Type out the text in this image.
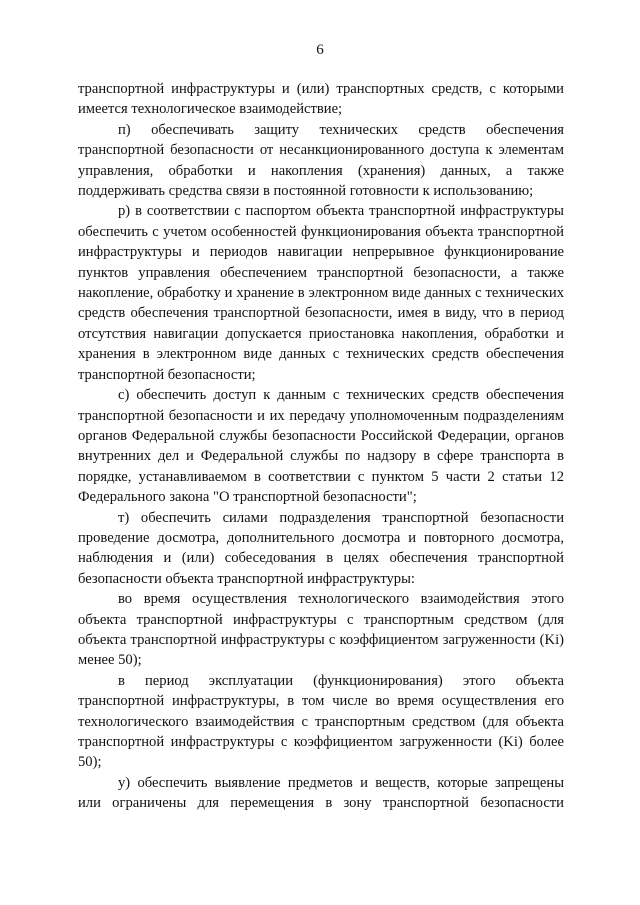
6

транспортной инфраструктуры и (или) транспортных средств, с которыми имеется технологическое взаимодействие;

п) обеспечивать защиту технических средств обеспечения транспортной безопасности от несанкционированного доступа к элементам управления, обработки и накопления (хранения) данных, а также поддерживать средства связи в постоянной готовности к использованию;

р) в соответствии с паспортом объекта транспортной инфраструктуры обеспечить с учетом особенностей функционирования объекта транспортной инфраструктуры и периодов навигации непрерывное функционирование пунктов управления обеспечением транспортной безопасности, а также накопление, обработку и хранение в электронном виде данных с технических средств обеспечения транспортной безопасности, имея в виду, что в период отсутствия навигации допускается приостановка накопления, обработки и хранения в электронном виде данных с технических средств обеспечения транспортной безопасности;

с) обеспечить доступ к данным с технических средств обеспечения транспортной безопасности и их передачу уполномоченным подразделениям органов Федеральной службы безопасности Российской Федерации, органов внутренних дел и Федеральной службы по надзору в сфере транспорта в порядке, устанавливаемом в соответствии с пунктом 5 части 2 статьи 12 Федерального закона "О транспортной безопасности";

т) обеспечить силами подразделения транспортной безопасности проведение досмотра, дополнительного досмотра и повторного досмотра, наблюдения и (или) собеседования в целях обеспечения транспортной безопасности объекта транспортной инфраструктуры:

во время осуществления технологического взаимодействия этого объекта транспортной инфраструктуры с транспортным средством (для объекта транспортной инфраструктуры с коэффициентом загруженности (Ki) менее 50);

в период эксплуатации (функционирования) этого объекта транспортной инфраструктуры, в том числе во время осуществления его технологического взаимодействия с транспортным средством (для объекта транспортной инфраструктуры с коэффициентом загруженности (Ki) более 50);

у) обеспечить выявление предметов и веществ, которые запрещены или ограничены для перемещения в зону транспортной безопасности
